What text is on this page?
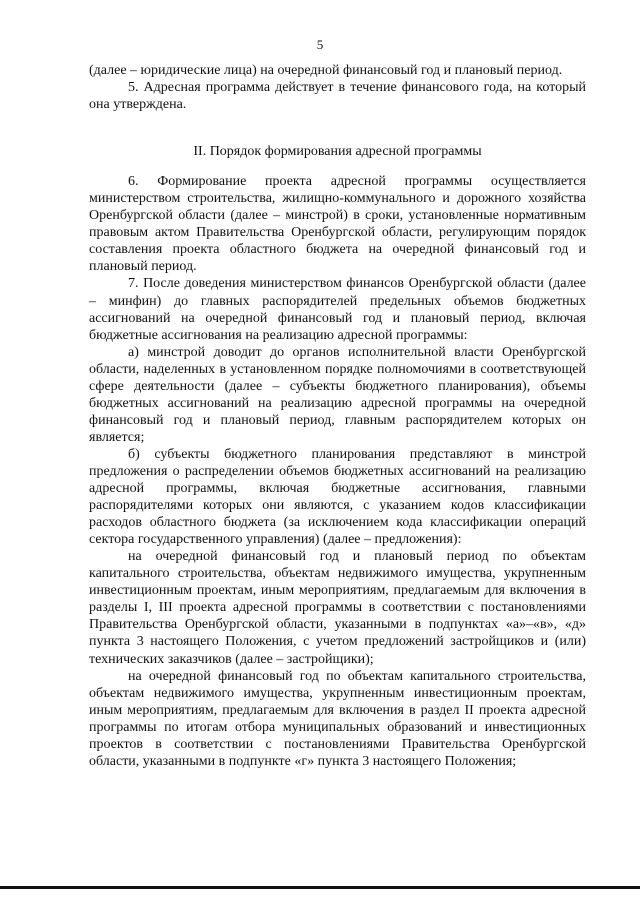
5

(далее – юридические лица) на очередной финансовый год и плановый период.

5. Адресная программа действует в течение финансового года, на который она утверждена.

II. Порядок формирования адресной программы

6. Формирование проекта адресной программы осуществляется министерством строительства, жилищно-коммунального и дорожного хозяйства Оренбургской области (далее – минстрой) в сроки, установленные нормативным правовым актом Правительства Оренбургской области, регулирующим порядок составления проекта областного бюджета на очередной финансовый год и плановый период.

7. После доведения министерством финансов Оренбургской области (далее – минфин) до главных распорядителей предельных объемов бюджетных ассигнований на очередной финансовый год и плановый период, включая бюджетные ассигнования на реализацию адресной программы:

а) минстрой доводит до органов исполнительной власти Оренбургской области, наделенных в установленном порядке полномочиями в соответствующей сфере деятельности (далее – субъекты бюджетного планирования), объемы бюджетных ассигнований на реализацию адресной программы на очередной финансовый год и плановый период, главным распорядителем которых он является;

б) субъекты бюджетного планирования представляют в минстрой предложения о распределении объемов бюджетных ассигнований на реализацию адресной программы, включая бюджетные ассигнования, главными распорядителями которых они являются, с указанием кодов классификации расходов областного бюджета (за исключением кода классификации операций сектора государственного управления) (далее – предложения):

на очередной финансовый год и плановый период по объектам капитального строительства, объектам недвижимого имущества, укрупненным инвестиционным проектам, иным мероприятиям, предлагаемым для включения в разделы I, III проекта адресной программы в соответствии с постановлениями Правительства Оренбургской области, указанными в подпунктах «а»–«в», «д» пункта 3 настоящего Положения, с учетом предложений застройщиков и (или) технических заказчиков (далее – застройщики);

на очередной финансовый год по объектам капитального строительства, объектам недвижимого имущества, укрупненным инвестиционным проектам, иным мероприятиям, предлагаемым для включения в раздел II проекта адресной программы по итогам отбора муниципальных образований и инвестиционных проектов в соответствии с постановлениями Правительства Оренбургской области, указанными в подпункте «г» пункта 3 настоящего Положения;
